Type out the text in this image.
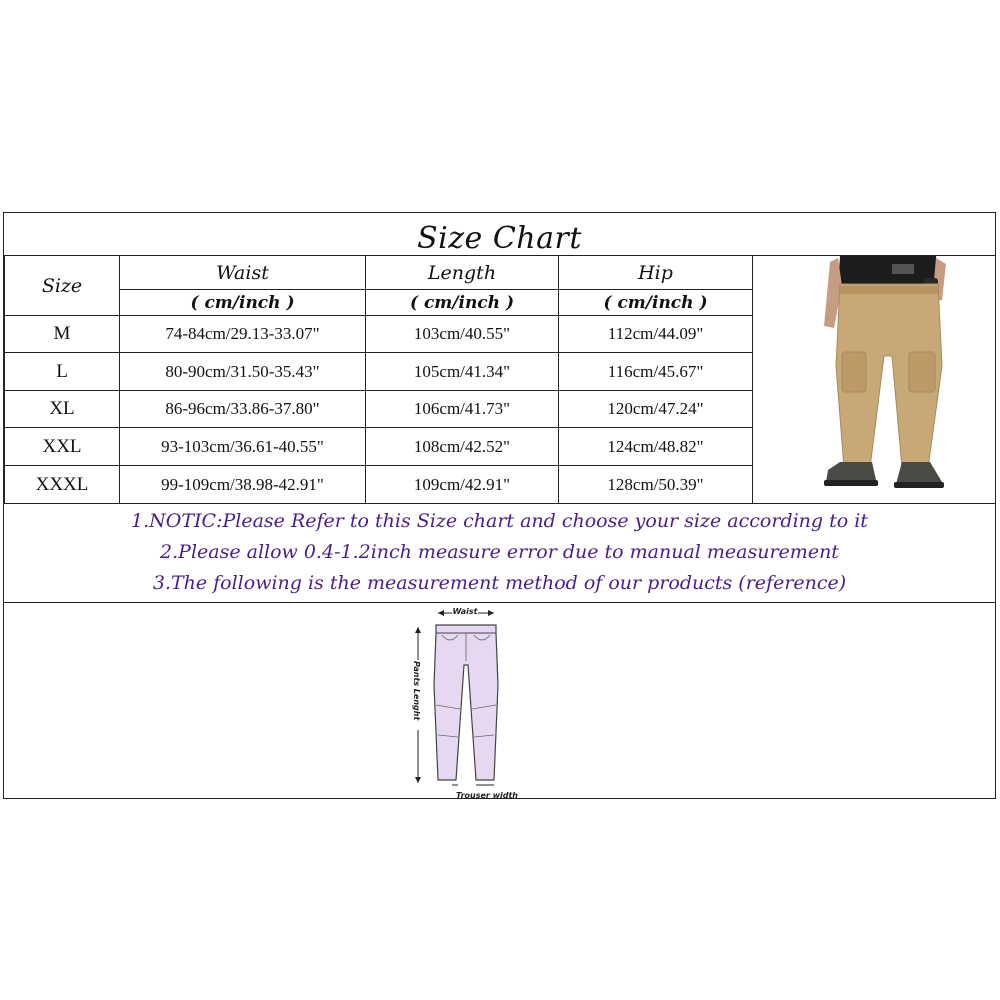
Size Chart
Size	Waist	Length	Hip
	( cm/inch )	( cm/inch )	( cm/inch )
M	74-84cm/29.13-33.07"	103cm/40.55"	112cm/44.09"
L	80-90cm/31.50-35.43"	105cm/41.34"	116cm/45.67"
XL	86-96cm/33.86-37.80"	106cm/41.73"	120cm/47.24"
XXL	93-103cm/36.61-40.55"	108cm/42.52"	124cm/48.82"
XXXL	99-109cm/38.98-42.91"	109cm/42.91"	128cm/50.39"
1.NOTIC:Please Refer to this Size chart and choose your size according to it
2.Please allow 0.4-1.2inch measure error due to manual measurement
3.The following is the measurement method of our products (reference)
Waist
Pants Lenght
Trouser width
